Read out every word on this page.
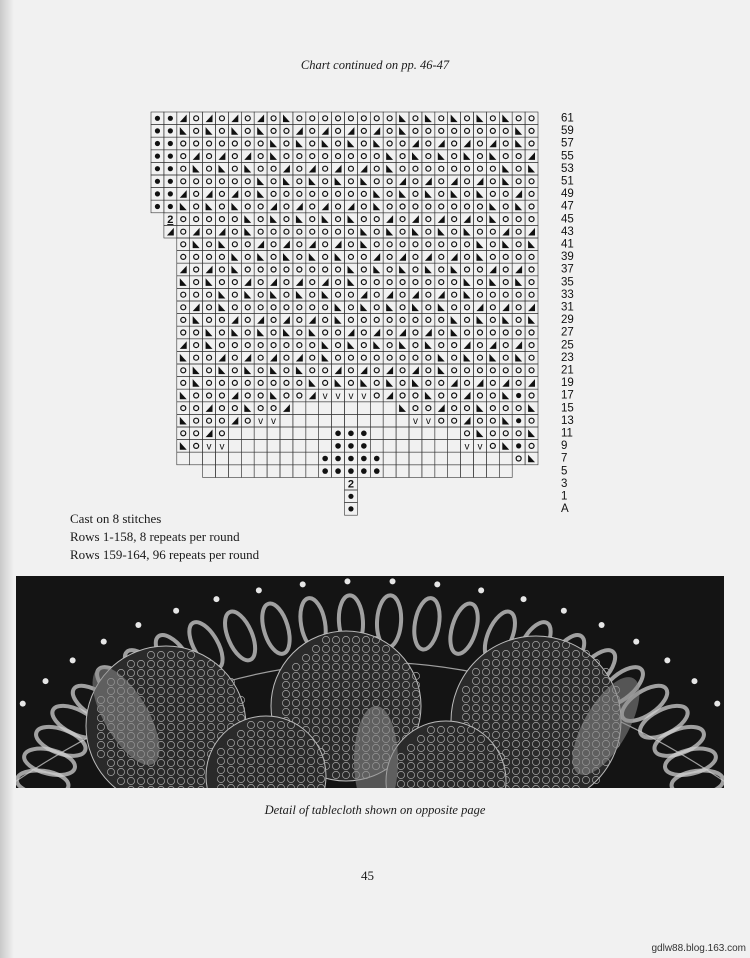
Chart continued on pp. 46-47
2
v v v v
v v	v v
v v	v v
2
61
59
57
55
53
51
49
47
45
43
41
39
37
35
33
31
29
27
25
23
21
19
17
15
13
11
9
7
5
3
1
A
Cast on 8 stitches
Rows 1-158, 8 repeats per round
Rows 159-164, 96 repeats per round
Detail of tablecloth shown on opposite page
45
gdlw88.blog.163.com
